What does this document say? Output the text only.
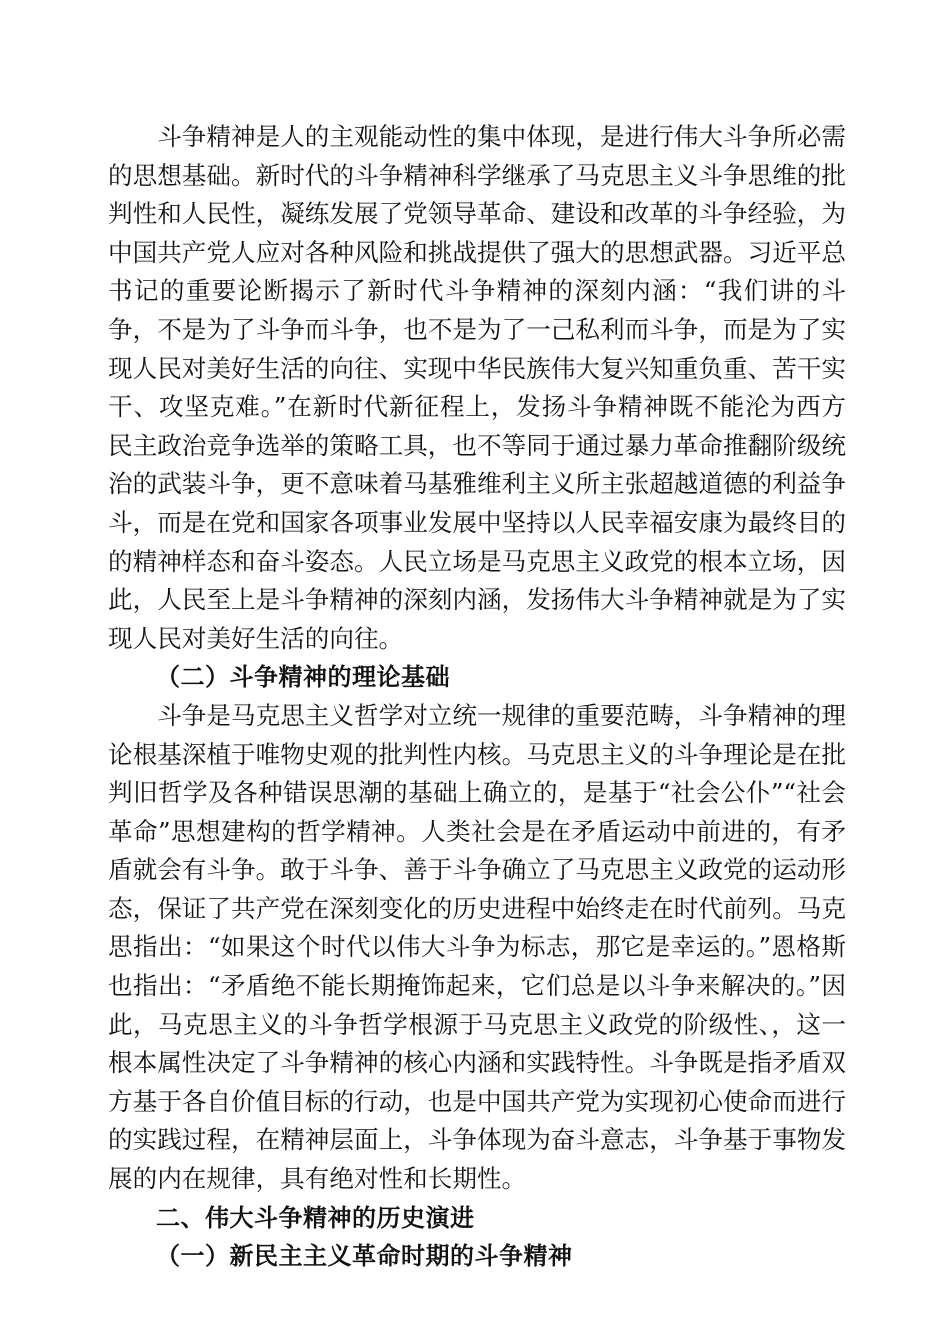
斗争精神是人的主观能动性的集中体现，是进行伟大斗争所必需的思想基础。新时代的斗争精神科学继承了马克思主义斗争思维的批判性和人民性，凝练发展了党领导革命、建设和改革的斗争经验，为中国共产党人应对各种风险和挑战提供了强大的思想武器。习近平总书记的重要论断揭示了新时代斗争精神的深刻内涵：“我们讲的斗争，不是为了斗争而斗争，也不是为了一己私利而斗争，而是为了实现人民对美好生活的向往、实现中华民族伟大复兴知重负重、苦干实干、攻坚克难。”在新时代新征程上，发扬斗争精神既不能沦为西方民主政治竞争选举的策略工具，也不等同于通过暴力革命推翻阶级统治的武装斗争，更不意味着马基雅维利主义所主张超越道德的利益争斗，而是在党和国家各项事业发展中坚持以人民幸福安康为最终目的的精神样态和奋斗姿态。人民立场是马克思主义政党的根本立场，因此，人民至上是斗争精神的深刻内涵，发扬伟大斗争精神就是为了实现人民对美好生活的向往。

（二）斗争精神的理论基础

斗争是马克思主义哲学对立统一规律的重要范畴，斗争精神的理论根基深植于唯物史观的批判性内核。马克思主义的斗争理论是在批判旧哲学及各种错误思潮的基础上确立的，是基于“社会公仆”“社会革命”思想建构的哲学精神。人类社会是在矛盾运动中前进的，有矛盾就会有斗争。敢于斗争、善于斗争确立了马克思主义政党的运动形态，保证了共产党在深刻变化的历史进程中始终走在时代前列。马克思指出：“如果这个时代以伟大斗争为标志，那它是幸运的。”恩格斯也指出：“矛盾绝不能长期掩饰起来，它们总是以斗争来解决的。”因此，马克思主义的斗争哲学根源于马克思主义政党的阶级性、，这一根本属性决定了斗争精神的核心内涵和实践特性。斗争既是指矛盾双方基于各自价值目标的行动，也是中国共产党为实现初心使命而进行的实践过程，在精神层面上，斗争体现为奋斗意志，斗争基于事物发展的内在规律，具有绝对性和长期性。

二、伟大斗争精神的历史演进

（一）新民主主义革命时期的斗争精神
